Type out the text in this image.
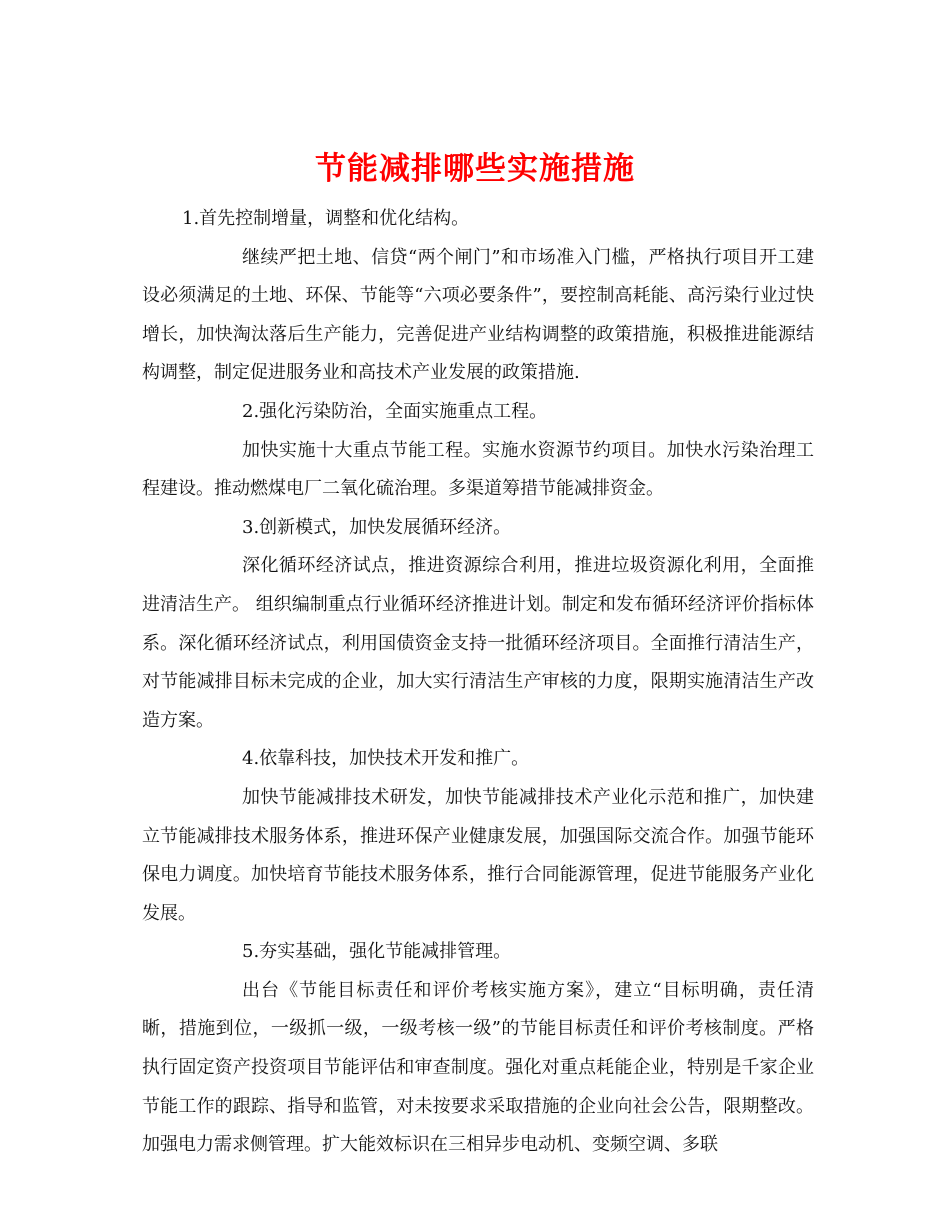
节能减排哪些实施措施

1.首先控制增量，调整和优化结构。

继续严把土地、信贷“两个闸门”和市场准入门槛，严格执行项目开工建设必须满足的土地、环保、节能等“六项必要条件”，要控制高耗能、高污染行业过快增长，加快淘汰落后生产能力，完善促进产业结构调整的政策措施，积极推进能源结构调整，制定促进服务业和高技术产业发展的政策措施.

2.强化污染防治，全面实施重点工程。

加快实施十大重点节能工程。实施水资源节约项目。加快水污染治理工程建设。推动燃煤电厂二氧化硫治理。多渠道筹措节能减排资金。

3.创新模式，加快发展循环经济。

深化循环经济试点，推进资源综合利用，推进垃圾资源化利用，全面推进清洁生产。 组织编制重点行业循环经济推进计划。制定和发布循环经济评价指标体系。深化循环经济试点，利用国债资金支持一批循环经济项目。全面推行清洁生产，对节能减排目标未完成的企业，加大实行清洁生产审核的力度，限期实施清洁生产改造方案。

4.依靠科技，加快技术开发和推广。

加快节能减排技术研发，加快节能减排技术产业化示范和推广，加快建立节能减排技术服务体系，推进环保产业健康发展，加强国际交流合作。加强节能环保电力调度。加快培育节能技术服务体系，推行合同能源管理，促进节能服务产业化发展。

5.夯实基础，强化节能减排管理。

出台《节能目标责任和评价考核实施方案》，建立“目标明确，责任清晰，措施到位，一级抓一级，一级考核一级”的节能目标责任和评价考核制度。严格执行固定资产投资项目节能评估和审查制度。强化对重点耗能企业，特别是千家企业节能工作的跟踪、指导和监管，对未按要求采取措施的企业向社会公告，限期整改。加强电力需求侧管理。扩大能效标识在三相异步电动机、变频空调、多联
